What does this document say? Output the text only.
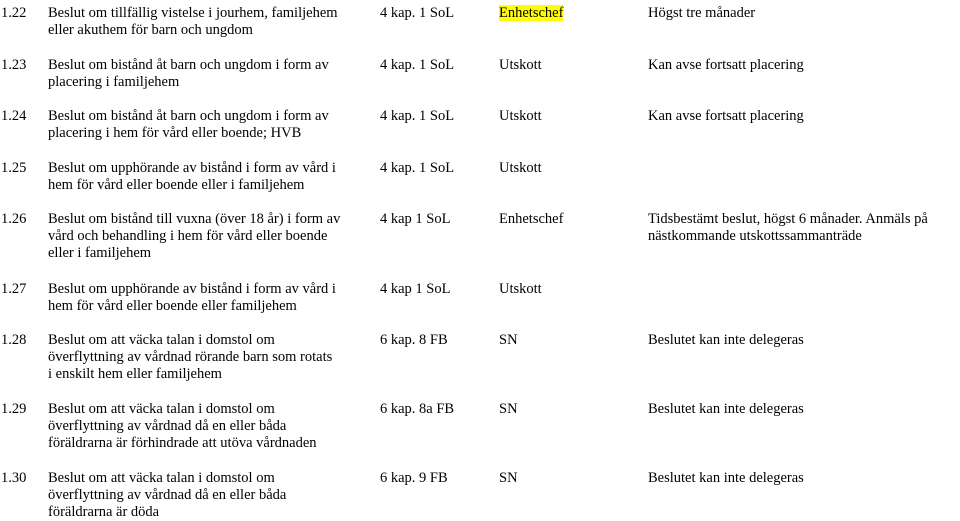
1.22	Beslut om tillfällig vistelse i jourhem, familjehem
eller akuthem för barn och ungdom
4 kap. 1 SoL	Enhetschef	Högst tre månader
1.23	Beslut om bistånd åt barn och ungdom i form av
placering i familjehem
4 kap. 1 SoL	Utskott	Kan avse fortsatt placering
1.24	Beslut om bistånd åt barn och ungdom i form av
placering i hem för vård eller boende; HVB
4 kap. 1 SoL	Utskott	Kan avse fortsatt placering
1.25	Beslut om upphörande av bistånd i form av vård i
hem för vård eller boende eller i familjehem
4 kap. 1 SoL	Utskott
1.26	Beslut om bistånd till vuxna (över 18 år) i form av
vård och behandling i hem för vård eller boende
eller i familjehem
4 kap 1 SoL	Enhetschef	Tidsbestämt beslut, högst 6 månader. Anmäls på
nästkommande utskottssammanträde
1.27	Beslut om upphörande av bistånd i form av vård i
hem för vård eller boende eller familjehem
4 kap 1 SoL	Utskott
1.28	Beslut om att väcka talan i domstol om
överflyttning av vårdnad rörande barn som rotats
i enskilt hem eller familjehem
6 kap. 8 FB	SN	Beslutet kan inte delegeras
1.29	Beslut om att väcka talan i domstol om
överflyttning av vårdnad då en eller båda
föräldrarna är förhindrade att utöva vårdnaden
6 kap. 8a FB	SN	Beslutet kan inte delegeras
1.30	Beslut om att väcka talan i domstol om
överflyttning av vårdnad då en eller båda
föräldrarna är döda
6 kap. 9 FB	SN	Beslutet kan inte delegeras
